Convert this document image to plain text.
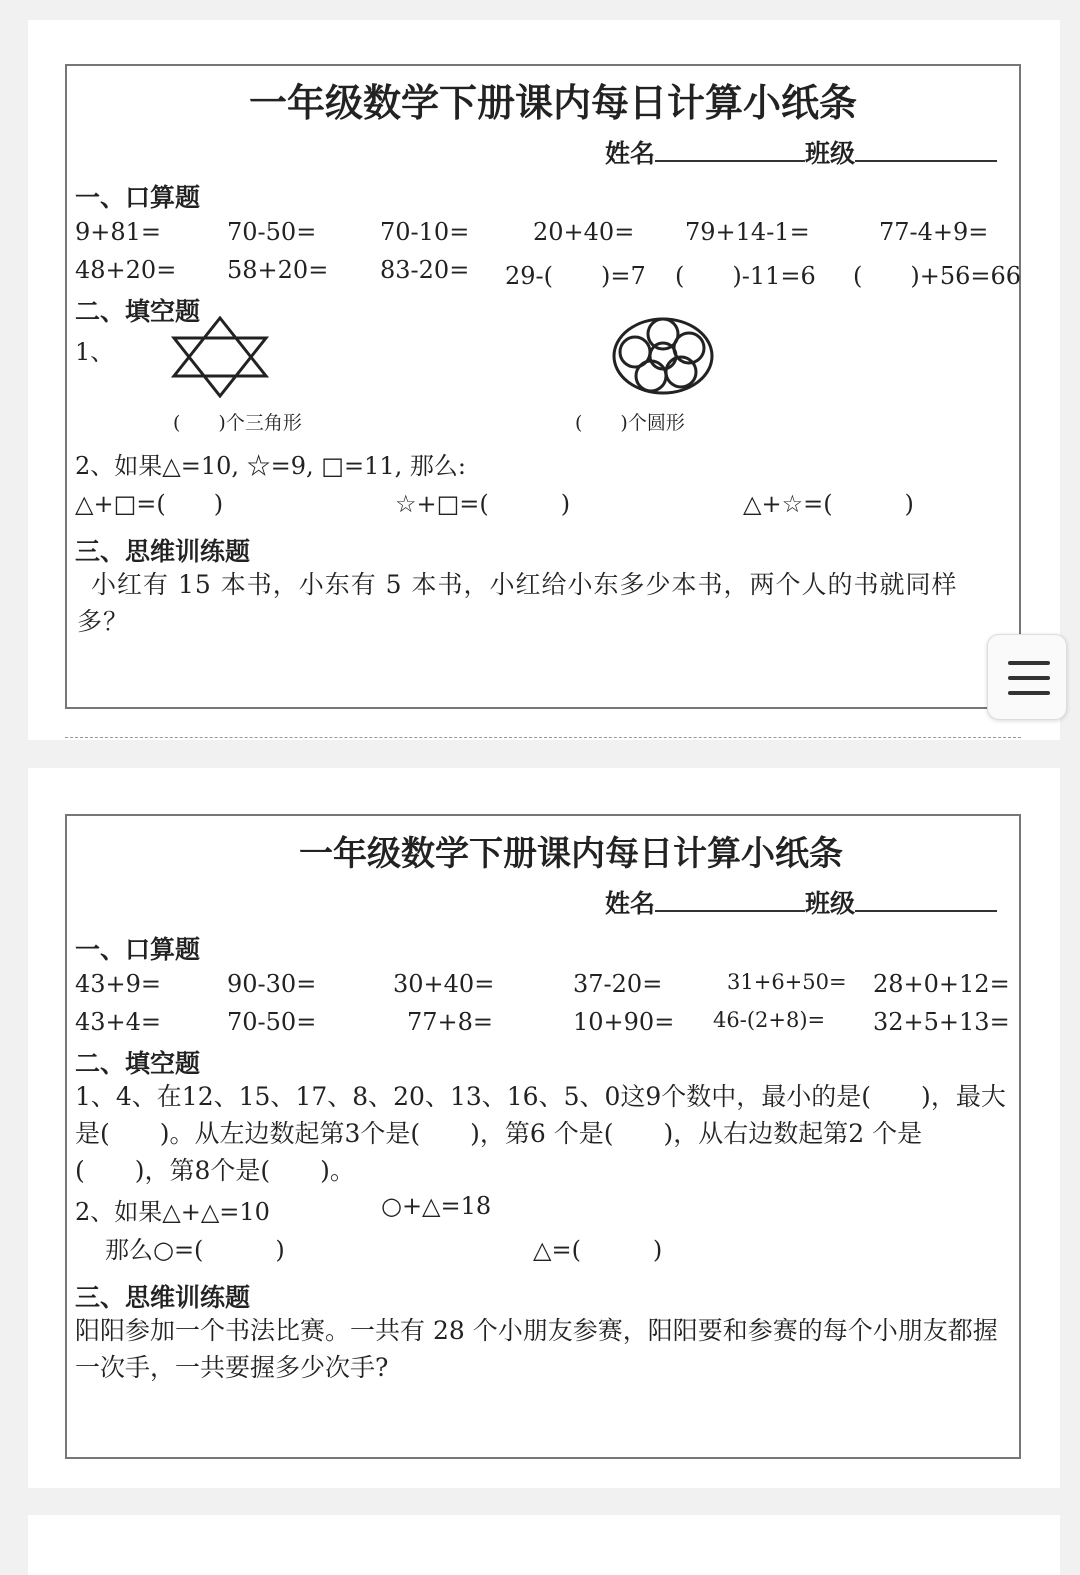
一年级数学下册课内每日计算小纸条
姓名	班级
一、口算题
9+81=	70-50=	70-10=	20+40= 79+14-1=	77-4+9=
48+20= 58+20= 83-20= 29-(　　)=7 (　　)-11=6 (　　)+56=66
二、填空题
1、
(　　)个三角形	(　　)个圆形
2、如果△=10, ☆=9, □=11, 那么:
△+□=(　　)	☆+□=(　　　)	△+☆=(　　　)
三、思维训练题
小红有 15 本书，小东有 5 本书，小红给小东多少本书，两个人的书就同样多？
一年级数学下册课内每日计算小纸条
姓名	班级
一、口算题
43+9=	90-30=	30+40=	37-20=	31+6+50= 28+0+12=
43+4=	70-50=	77+8=	10+90= 46-(2+8)= 32+5+13=
二、填空题
1、4、在12、15、17、8、20、13、16、5、0这9个数中，最小的是(　　)，最大是(　　)。从左边数起第3个是(　　)，第6 个是(　　)，从右边数起第2 个是(　　)，第8个是(　　)。
2、如果△+△=10	○+△=18
那么○=(　　　)	△=(　　　)
三、思维训练题
阳阳参加一个书法比赛。一共有 28 个小朋友参赛，阳阳要和参赛的每个小朋友都握一次手，一共要握多少次手?
